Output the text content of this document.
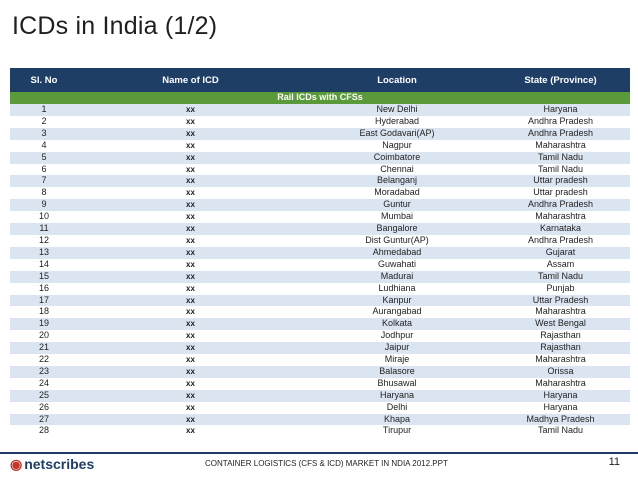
ICDs in India (1/2)
Sl. No	Name of ICD	Location	State (Province)
Rail ICDs with CFSs			
1	xx	New Delhi	Haryana
2	xx	Hyderabad	Andhra Pradesh
3	xx	East Godavari(AP)	Andhra Pradesh
4	xx	Nagpur	Maharashtra
5	xx	Coimbatore	Tamil Nadu
6	xx	Chennai	Tamil Nadu
7	xx	Belanganj	Uttar pradesh
8	xx	Moradabad	Uttar pradesh
9	xx	Guntur	Andhra Pradesh
10	xx	Mumbai	Maharashtra
11	xx	Bangalore	Karnataka
12	xx	Dist Guntur(AP)	Andhra Pradesh
13	xx	Ahmedabad	Gujarat
14	xx	Guwahati	Assam
15	xx	Madurai	Tamil Nadu
16	xx	Ludhiana	Punjab
17	xx	Kanpur	Uttar Pradesh
18	xx	Aurangabad	Maharashtra
19	xx	Kolkata	West Bengal
20	xx	Jodhpur	Rajasthan
21	xx	Jaipur	Rajasthan
22	xx	Miraje	Maharashtra
23	xx	Balasore	Orissa
24	xx	Bhusawal	Maharashtra
25	xx	Haryana	Haryana
26	xx	Delhi	Haryana
27	xx	Khapa	Madhya Pradesh
28	xx	Tirupur	Tamil Nadu
◉ netscribes	CONTAINER LOGISTICS (CFS & ICD) MARKET IN NDIA 2012.PPT	11
